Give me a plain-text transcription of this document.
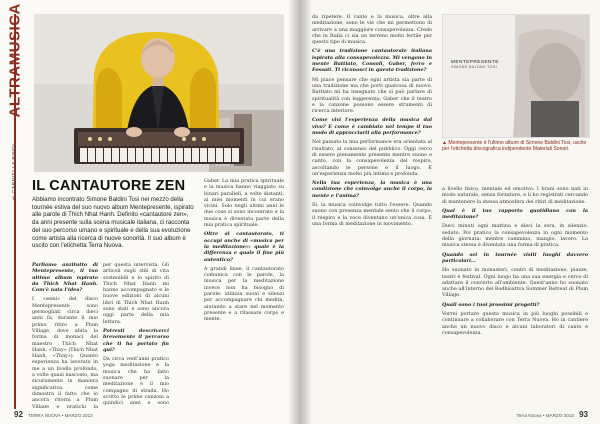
ALTRAMUSICA
di GABRIELLA BINDI IL CANTAUTORE ZEN
Abbiamo incontrato Simone Baldini Tosi nel mezzo della tournée estiva del suo nuovo album Mentepresente, ispirato alle parole di Thich Nhat Hanh. Definito «cantautore zen», da anni presente sulla scena musicale italiana, ci racconta del suo percorso umano e spirituale e della sua evoluzione come artista alla ricerca di nuove sonorità. Il suo album è uscito con l'etichetta Terra Nuova.

Parliamo anzitutto di Mentepresente, il tuo ultimo album ispirato da Thich Nhat Hanh. Com'è nata l'idea?

I «semi» del disco Mentepresente sono germogliati circa dieci anni fa, durante il mio primo ritiro a Plum Village, dove abita la forma di monaci del maestro Thich Nhat Hanh, «Thay» (Thich Nhat Hanh, «Thay»). Quanto esperienza ha lavorato in me a un livello profondo, a volte quasi nascosto, ma sicuramente in maniera significativa, come dimostra il fatto che io ancora ritorni a Plum Village e pratichi la

per questa intervista. Gli articoli sugli stili di vita sostenibili e lo spirito di Thich Nhat Hanh mi hanno accompagnato e le nuove edizioni di alcuni libri di Thich Nhat Hanh sono stati e sono ancora oggi parte della mia lettura.

Potresti descriverci brevemente il percorso che ti ha portato fin qui?

Da circa vent'anni pratico yoga meditazione e la musica che ha fatto suonare per la meditazione è il mio compagno di strada. Ho scritto le prime canzoni a quindici anni e sono

Gaber. La mia pratica spirituale e la musica hanno viaggiato su binari paralleli, a volte distanti, ai miei momenti in cui erano vicini. Solo negli ultimi anni le due cose si sono incontrate e la musica è diventata parte della mia pratica spirituale.

Oltre al cantautorato, ti occupi anche di «musica per la meditazione»: quale è la differenza e quale il fine più autentico?

A grandi linee, il cantautorato comunica con le parole, la musica per la meditazione invece non ha bisogno di parole: utilizza suoni e silenzi per accompagnare chi medita, aiutando a stare nel momento presente e a rilassare corpo e mente.

92 TERRA NUOVA • MARZO 2013

da ripetere. Il canto e la musica, oltre alla meditazione, sono le vie che mi permettono di arrivare a una maggiore consapevolezza. Credo che in Italia ci sia un terreno molto fertile per questo tipo di musica.

C'è una tradizione cantautorale italiana ispirata alla consapevolezza. Mi vengono in mente Battiato, Consoli, Gaber, ferro e Fossati. Ti riconosci in questa tradizione?

Mi piace pensare che ogni artista sia parte di una tradizione ma che porti qualcosa di nuovo. Battiato mi ha insegnato che si può parlare di spiritualità con leggerezza; Gaber che il teatro e la canzone possono essere strumenti di ricerca interiore.

Come vivi l'esperienza della musica dal vivo? E come è cambiato nel tempo il tuo modo di approcciarti alla performance?

Nel passato la mia performance era orientata al risultato, al consenso del pubblico. Oggi cerco di essere pienamente presente mentre suono e canto, con la consapevolezza del respiro, ascoltando le persone e il luogo. È un'esperienza molto più intima e profonda.

Nella tua esperienza, la musica è una condizione che coinvolge anche il corpo, la mente e l'anima?

Sì, la musica coinvolge tutto l'essere. Quando suono con presenza mentale sento che il corpo, il respiro e la voce diventano un'unica cosa. È una forma di meditazione in movimento.

MENTEPRESENTE
SIMONE BALDINI TOSI
▲ Mentepresente è l'ultimo album di Simone Baldini Tosi, uscito per l'etichetta discografica indipendente Materiali Sonori.

a livello fisico, mentale ed emotivo. I brani sono nati in modo naturale, senza forzature, e li ho registrati cercando di mantenere la stessa atmosfera dei ritiri di meditazione.

Qual è il tuo rapporto quotidiano con la meditazione?

Dieci minuti ogni mattina e dieci la sera, in silenzio, seduto. Poi pratico la consapevolezza in ogni momento della giornata: mentre cammino, mangio, lavoro. La musica stessa è diventata una forma di pratica.

Quando sei in tournée visiti luoghi davvero particolari…

Ho suonato in monasteri, centri di meditazione, piazze, teatri e festival. Ogni luogo ha una sua energia e cerco di adattare il concerto all'ambiente. Quest'anno ho suonato anche all'interno del Bodhisattva Summer Retreat di Plum Village.

Quali sono i tuoi prossimi progetti?

Vorrei portare questa musica in più luoghi possibili e continuare a collaborare con Terra Nuova. Ho in cantiere anche un nuovo disco e alcuni laboratori di canto e consapevolezza.

Terra Nuova • MARZO 2013 93
